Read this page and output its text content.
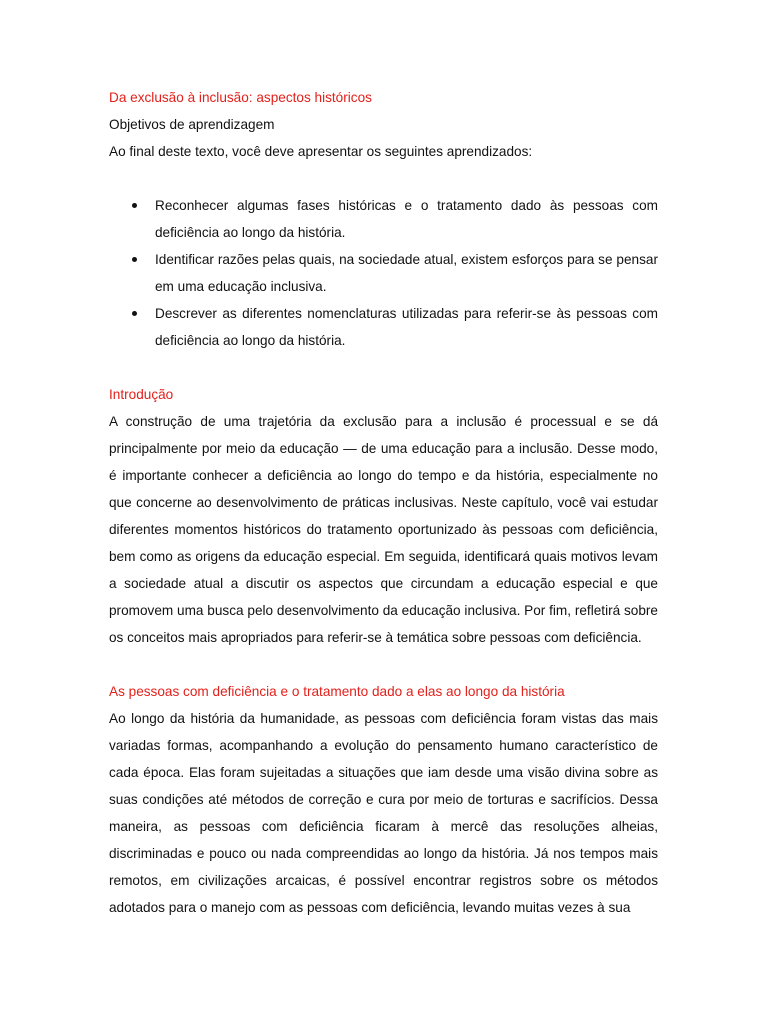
Da exclusão à inclusão: aspectos históricos

Objetivos de aprendizagem

Ao final deste texto, você deve apresentar os seguintes aprendizados:

Reconhecer algumas fases históricas e o tratamento dado às pessoas com deficiência ao longo da história.
Identificar razões pelas quais, na sociedade atual, existem esforços para se pensar em uma educação inclusiva.
Descrever as diferentes nomenclaturas utilizadas para referir-se às pessoas com deficiência ao longo da história.

Introdução

A construção de uma trajetória da exclusão para a inclusão é processual e se dá principalmente por meio da educação — de uma educação para a inclusão. Desse modo, é importante conhecer a deficiência ao longo do tempo e da história, especialmente no que concerne ao desenvolvimento de práticas inclusivas. Neste capítulo, você vai estudar diferentes momentos históricos do tratamento oportunizado às pessoas com deficiência, bem como as origens da educação especial. Em seguida, identificará quais motivos levam a sociedade atual a discutir os aspectos que circundam a educação especial e que promovem uma busca pelo desenvolvimento da educação inclusiva. Por fim, refletirá sobre os conceitos mais apropriados para referir-se à temática sobre pessoas com deficiência.

As pessoas com deficiência e o tratamento dado a elas ao longo da história

Ao longo da história da humanidade, as pessoas com deficiência foram vistas das mais variadas formas, acompanhando a evolução do pensamento humano característico de cada época. Elas foram sujeitadas a situações que iam desde uma visão divina sobre as suas condições até métodos de correção e cura por meio de torturas e sacrifícios. Dessa maneira, as pessoas com deficiência ficaram à mercê das resoluções alheias, discriminadas e pouco ou nada compreendidas ao longo da história. Já nos tempos mais remotos, em civilizações arcaicas, é possível encontrar registros sobre os métodos adotados para o manejo com as pessoas com deficiência, levando muitas vezes à sua
